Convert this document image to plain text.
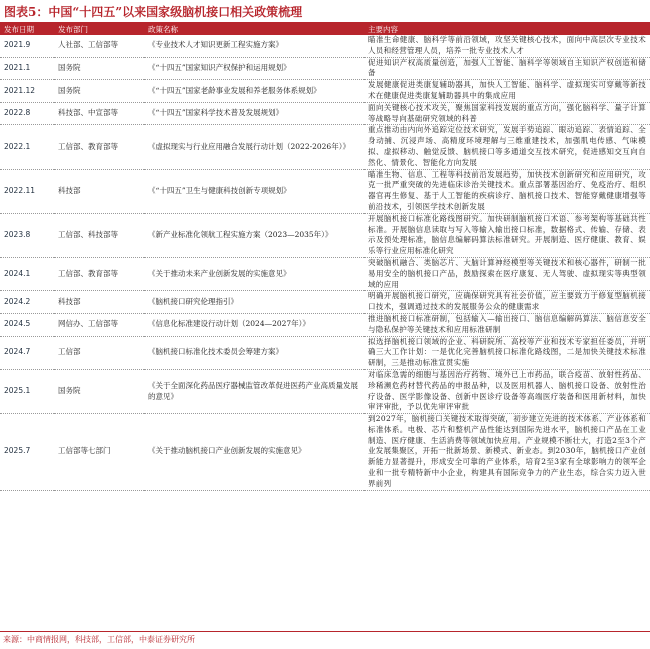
图表5：中国“十四五”以来国家级脑机接口相关政策梳理
发布日期	发布部门	政策名称	主要内容
2021.9	人社部、工信部等	《专业技术人才知识更新工程实施方案》	瞄准生命健康、脑科学等前沿领域，攻坚关键核心技术，面向中高层次专业技术人员和经营管理人员，培养一批专业技术人才
2021.1	国务院	《“十四五”国家知识产权保护和运用规划》	促进知识产权高质量创造，加强人工智能、脑科学等领域自主知识产权创造和储备
2021.12	国务院	《“十四五”国家老龄事业发展和养老服务体系规划》	发展健康促进类康复辅助器具，加快人工智能、脑科学、虚拟现实可穿戴等新技术在健康促进类康复辅助器具中的集成应用
2022.8	科技部、中宣部等	《“十四五”国家科学技术普及发展规划》	面向关键核心技术攻关，聚焦国家科技发展的重点方向，强化脑科学、量子计算等战略导向基础研究领域的科普
2022.1	工信部、教育部等	《虚拟现实与行业应用融合发展行动计划（2022-2026年）》	重点推动由内向外追踪定位技术研究，发展手势追踪、眼动追踪、表情追踪、全身动捕、沉浸声场、高精度环境理解与三维重建技术，加强肌电传感、气味模拟、虚拟移动、触觉反馈、脑机接口等多通道交互技术研究，促进感知交互向自然化、情景化、智能化方向发展
2022.11	科技部	《“十四五”卫生与健康科技创新专项规划》	瞄准生物、信息、工程等科技前沿发展趋势，加快技术创新研究和应用研究，攻克一批严重突破的先进临床诊治关键技术。重点部署基因治疗、免疫治疗、组织器官再生修复、基于人工智能的疾病诊疗、脑机接口技术、智能穿戴健康增强等前沿技术，引领医学技术创新发展
2023.8	工信部、科技部等	《新产业标准化领航工程实施方案（2023—2035年）》	开展脑机接口标准化路线图研究。加快研制脑机接口术语、参考架构等基础共性标准。开展脑信息读取与写入等输入输出接口标准，数据格式、传输、存储、表示及预处理标准，脑信息编解码算法标准研究。开展制造、医疗健康、教育、娱乐等行业应用标准化研究
2024.1	工信部、教育部等	《关于推动未来产业创新发展的实施意见》	突破脑机融合、类脑芯片、大脑计算神经模型等关键技术和核心器件，研制一批易用安全的脑机接口产品，鼓励探索在医疗康复、无人驾驶、虚拟现实等典型领域的应用
2024.2	科技部	《脑机接口研究伦理指引》	明确开展脑机接口研究，应确保研究具有社会价值，应主要致力于修复型脑机接口技术，强调通过技术的发展服务公众的健康需求
2024.5	网信办、工信部等	《信息化标准建设行动计划（2024—2027年）》	推进脑机接口标准研制，包括输入—输出接口、脑信息编解码算法、脑信息安全与隐私保护等关键技术和应用标准研制
2024.7	工信部	《脑机接口标准化技术委员会筹建方案》	拟选择脑机接口领域的企业、科研院所、高校等产业和技术专家担任委员，并明确三大工作计划：一是优化完善脑机接口标准化路线图，二是加快关键技术标准研制，三是推动标准宣贯实施
2025.1	国务院	《关于全面深化药品医疗器械监管改革促进医药产业高质量发展的意见》	对临床急需的细胞与基因治疗药物、境外已上市药品，联合疫苗、放射性药品、珍稀濒危药材替代药品的申报品种，以及医用机器人、脑机接口设备、放射性治疗设备、医学影像设备、创新中医诊疗设备等高端医疗装备和医用新材料，加快审评审批，予以优先审评审批
2025.7	工信部等七部门	《关于推动脑机接口产业创新发展的实施意见》	到2027年，脑机接口关键技术取得突破，初步建立先进的技术体系、产业体系和标准体系。电极、芯片和整机产品性能达到国际先进水平，脑机接口产品在工业制造、医疗健康、生活消费等领域加快应用。产业规模不断壮大，打造2至3个产业发展集聚区，开拓一批新场景、新模式、新业态。到2030年，脑机接口产业创新能力显著提升，形成安全可靠的产业体系，培育2至3家有全球影响力的领军企业和一批专精特新中小企业，构建具有国际竞争力的产业生态，综合实力迈入世界前列
来源：中商情报网，科技部，工信部，中泰证券研究所
